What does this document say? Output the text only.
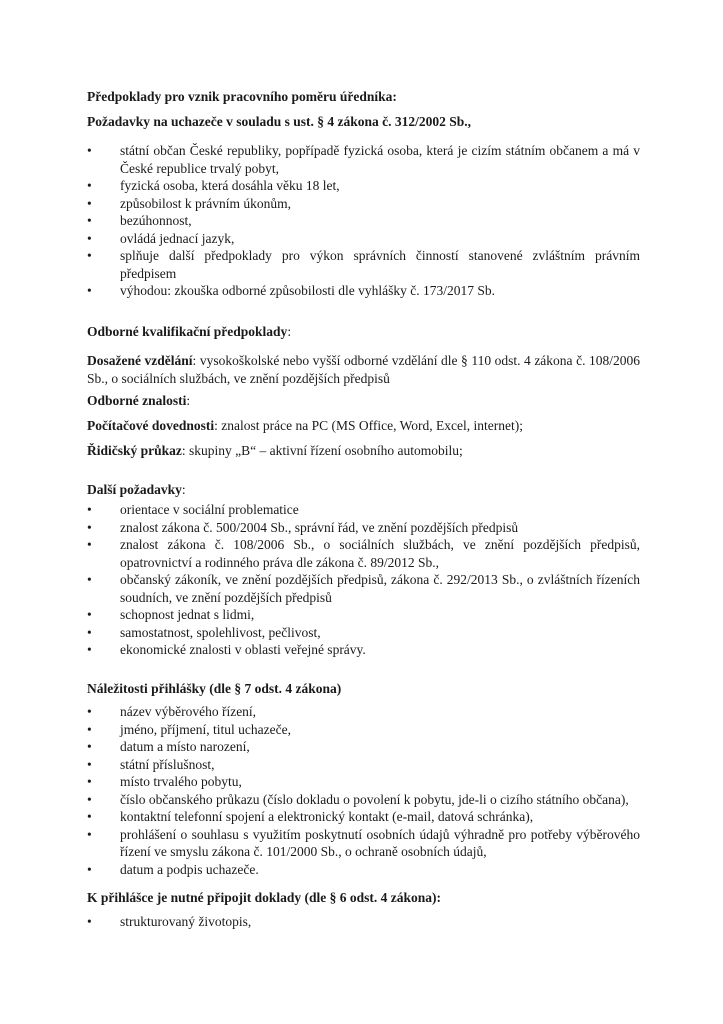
Předpoklady pro vznik pracovního poměru úředníka:

Požadavky na uchazeče v souladu s ust. § 4 zákona č. 312/2002 Sb.,

•	státní občan České republiky, popřípadě fyzická osoba, která je cizím státním občanem a má v České republice trvalý pobyt,
•	fyzická osoba, která dosáhla věku 18 let,
•	způsobilost k právním úkonům,
•	bezúhonnost,
•	ovládá jednací jazyk,
•	splňuje další předpoklady pro výkon správních činností stanovené zvláštním právním předpisem
•	výhodou: zkouška odborné způsobilosti dle vyhlášky č. 173/2017 Sb.

Odborné kvalifikační předpoklady:

Dosažené vzdělání: vysokoškolské nebo vyšší odborné vzdělání dle § 110 odst. 4 zákona č. 108/2006 Sb., o sociálních službách, ve znění pozdějších předpisů

Odborné znalosti:

Počítačové dovednosti: znalost práce na PC (MS Office, Word, Excel, internet);

Řidičský průkaz: skupiny „B“ – aktivní řízení osobního automobilu;

Další požadavky:

•	orientace v sociální problematice
•	znalost zákona č. 500/2004 Sb., správní řád, ve znění pozdějších předpisů
•	znalost zákona č. 108/2006 Sb., o sociálních službách, ve znění pozdějších předpisů, opatrovnictví a rodinného práva dle zákona č. 89/2012 Sb.,
•	občanský zákoník, ve znění pozdějších předpisů, zákona č. 292/2013 Sb., o zvláštních řízeních soudních, ve znění pozdějších předpisů
•	schopnost jednat s lidmi,
•	samostatnost, spolehlivost, pečlivost,
•	ekonomické znalosti v oblasti veřejné správy.

Náležitosti přihlášky (dle § 7 odst. 4 zákona)

•	název výběrového řízení,
•	jméno, příjmení, titul uchazeče,
•	datum a místo narození,
•	státní příslušnost,
•	místo trvalého pobytu,
•	číslo občanského průkazu (číslo dokladu o povolení k pobytu, jde-li o cizího státního občana),
•	kontaktní telefonní spojení a elektronický kontakt (e-mail, datová schránka),
•	prohlášení o souhlasu s využitím poskytnutí osobních údajů výhradně pro potřeby výběrového řízení ve smyslu zákona č. 101/2000 Sb., o ochraně osobních údajů,
•	datum a podpis uchazeče.

K přihlášce je nutné připojit doklady (dle § 6 odst. 4 zákona):

•	strukturovaný životopis,
